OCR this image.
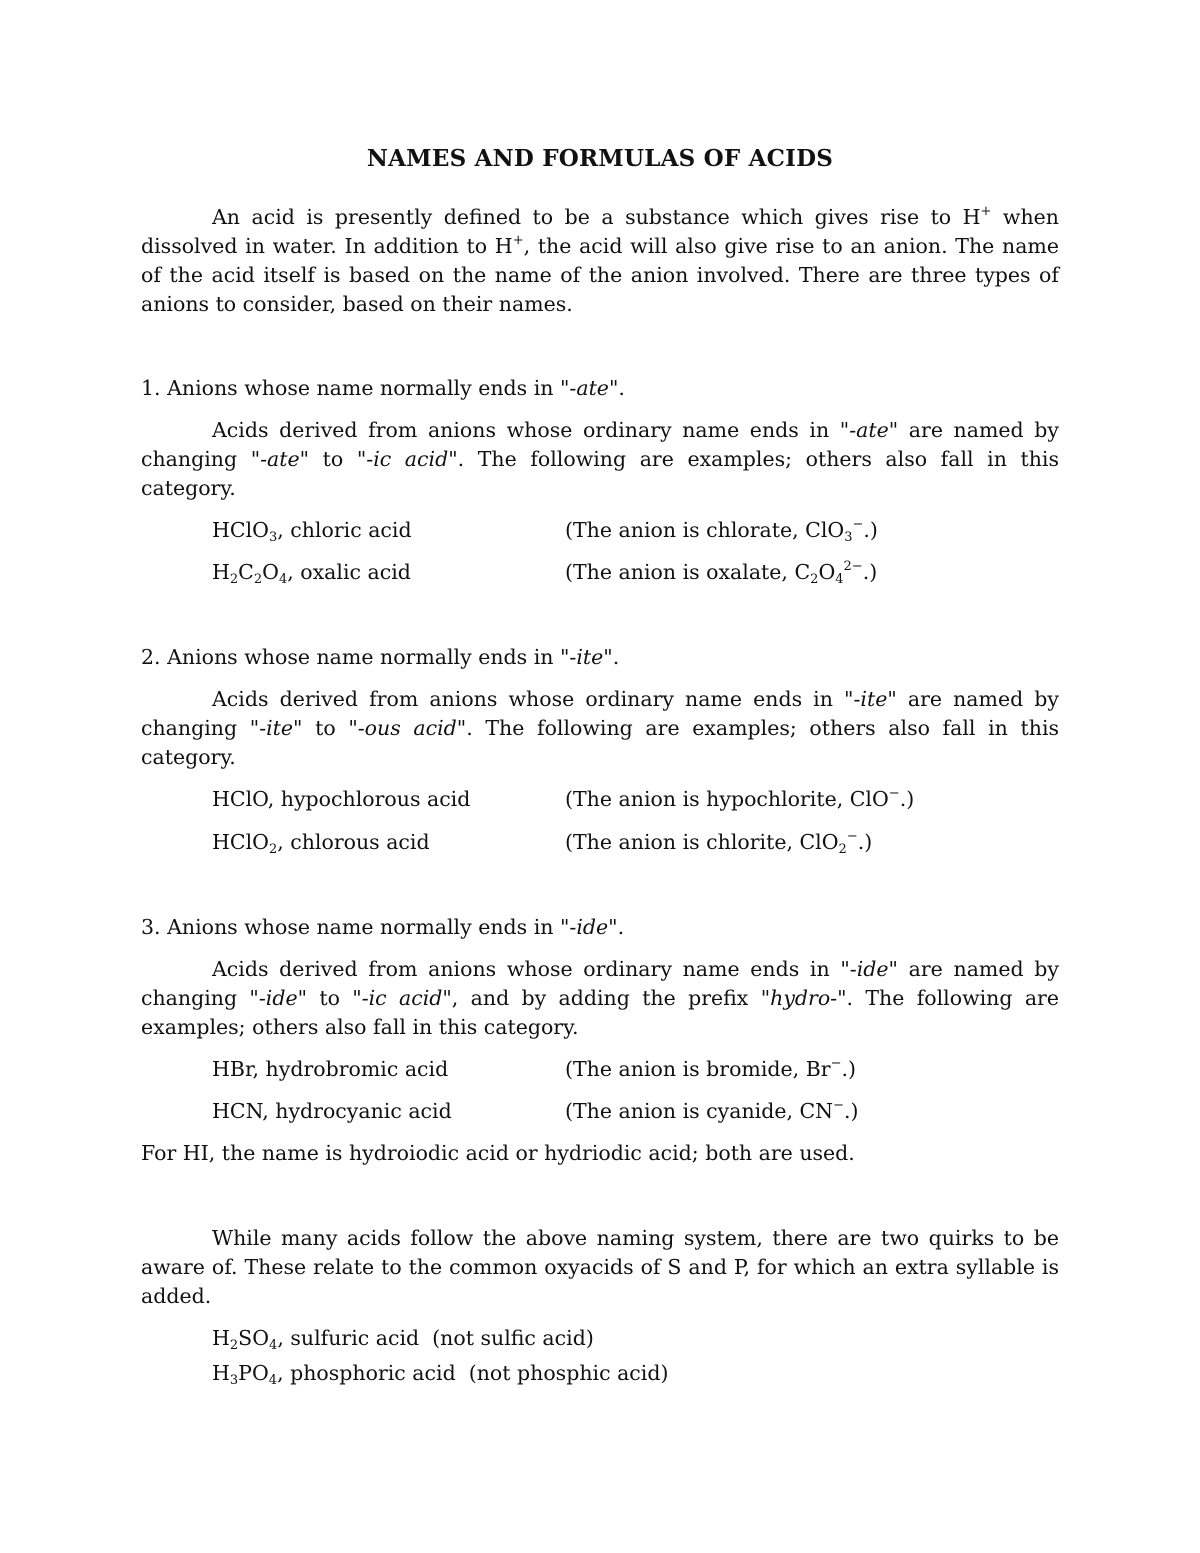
NAMES AND FORMULAS OF ACIDS
An acid is presently defined to be a substance which gives rise to H+ when dissolved in water. In addition to H+, the acid will also give rise to an anion. The name of the acid itself is based on the name of the anion involved. There are three types of anions to consider, based on their names.
1. Anions whose name normally ends in "-ate".
Acids derived from anions whose ordinary name ends in "-ate" are named by changing "-ate" to "-ic acid". The following are examples; others also fall in this category.
HClO$_3$, chloric acid	(The anion is chlorate, ClO$_3$−.)
$H_2C_2O_4$, oxalic acid	(The anion is oxalate, $C_2O_4^{2-}$.)
2. Anions whose name normally ends in "-ite".
Acids derived from anions whose ordinary name ends in "-ite" are named by changing "-ite" to "-ous acid". The following are examples; others also fall in this category.
HClO, hypochlorous acid	(The anion is hypochlorite, ClO−.)
HClO$_2$, chlorous acid	(The anion is chlorite, ClO$_2$−.)
3. Anions whose name normally ends in "-ide".
Acids derived from anions whose ordinary name ends in "-ide" are named by changing "-ide" to "-ic acid", and by adding the prefix "hydro-". The following are examples; others also fall in this category.
HBr, hydrobromic acid	(The anion is bromide, Br−.)
HCN, hydrocyanic acid	(The anion is cyanide, CN−.)
For HI, the name is hydroiodic acid or hydriodic acid; both are used.
While many acids follow the above naming system, there are two quirks to be aware of. These relate to the common oxyacids of S and P, for which an extra syllable is added.
$H_2SO_4$, sulfuric acid  (not sulfic acid)
$H_3PO_4$, phosphoric acid  (not phosphic acid)
